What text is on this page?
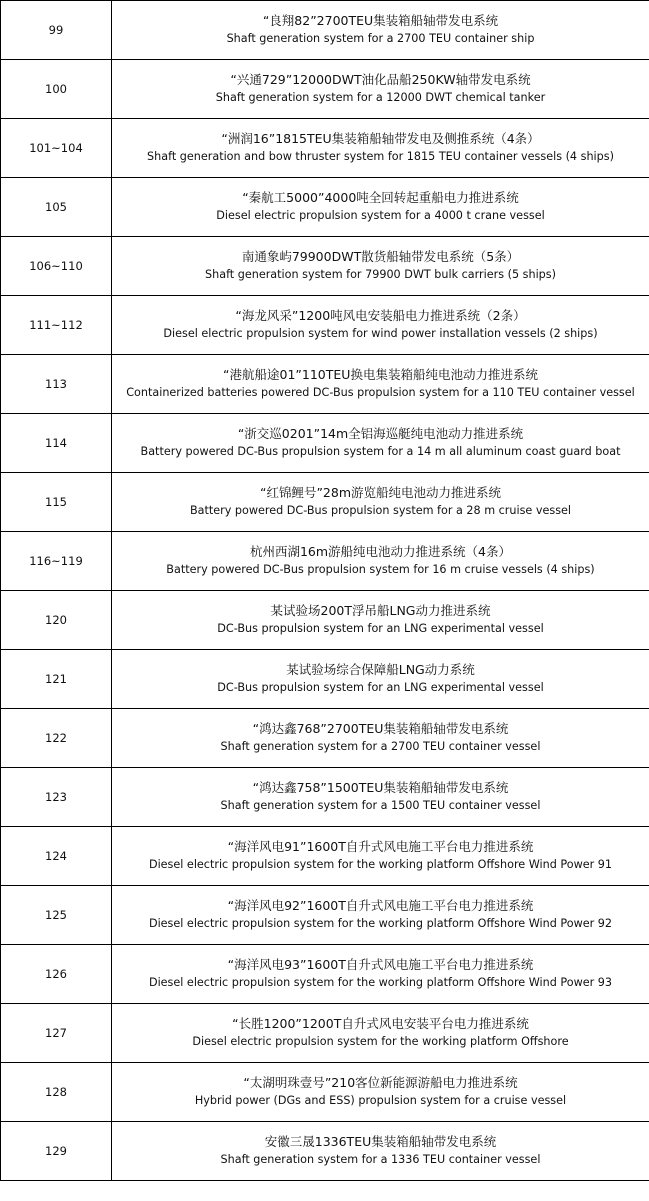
99	“良翔82”2700TEU集装箱船轴带发电系统
Shaft generation system for a 2700 TEU container ship

100	“兴通729”12000DWT油化品船250KW轴带发电系统
Shaft generation system for a 12000 DWT chemical tanker

101~104	“洲润16”1815TEU集装箱船轴带发电及侧推系统（4条）
Shaft generation and bow thruster system for 1815 TEU container vessels (4 ships)

105	“秦航工5000”4000吨全回转起重船电力推进系统
Diesel electric propulsion system for a 4000 t crane vessel

106~110	南通象屿79900DWT散货船轴带发电系统（5条）
Shaft generation system for 79900 DWT bulk carriers (5 ships)

111~112	“海龙风采”1200吨风电安装船电力推进系统（2条）
Diesel electric propulsion system for wind power installation vessels (2 ships)

113	“港航船途01”110TEU换电集装箱船纯电池动力推进系统
Containerized batteries powered DC-Bus propulsion system for a 110 TEU container vessel

114	“浙交巡0201”14m全铝海巡艇纯电池动力推进系统
Battery powered DC-Bus propulsion system for a 14 m all aluminum coast guard boat

115	“红锦鲤号”28m游览船纯电池动力推进系统
Battery powered DC-Bus propulsion system for a 28 m cruise vessel

116~119	杭州西湖16m游船纯电池动力推进系统（4条）
Battery powered DC-Bus propulsion system for 16 m cruise vessels (4 ships)

120	某试验场200T浮吊船LNG动力推进系统
DC-Bus propulsion system for an LNG experimental vessel

121	某试验场综合保障船LNG动力系统
DC-Bus propulsion system for an LNG experimental vessel

122	“鸿达鑫768”2700TEU集装箱船轴带发电系统
Shaft generation system for a 2700 TEU container vessel

123	“鸿达鑫758”1500TEU集装箱船轴带发电系统
Shaft generation system for a 1500 TEU container vessel

124	“海洋风电91”1600T自升式风电施工平台电力推进系统
Diesel electric propulsion system for the working platform Offshore Wind Power 91

125	“海洋风电92”1600T自升式风电施工平台电力推进系统
Diesel electric propulsion system for the working platform Offshore Wind Power 92

126	“海洋风电93”1600T自升式风电施工平台电力推进系统
Diesel electric propulsion system for the working platform Offshore Wind Power 93

127	“长胜1200”1200T自升式风电安装平台电力推进系统
Diesel electric propulsion system for the working platform Offshore

128	“太湖明珠壹号”210客位新能源游船电力推进系统
Hybrid power (DGs and ESS) propulsion system for a cruise vessel

129	安徽三晟1336TEU集装箱船轴带发电系统
Shaft generation system for a 1336 TEU container vessel
